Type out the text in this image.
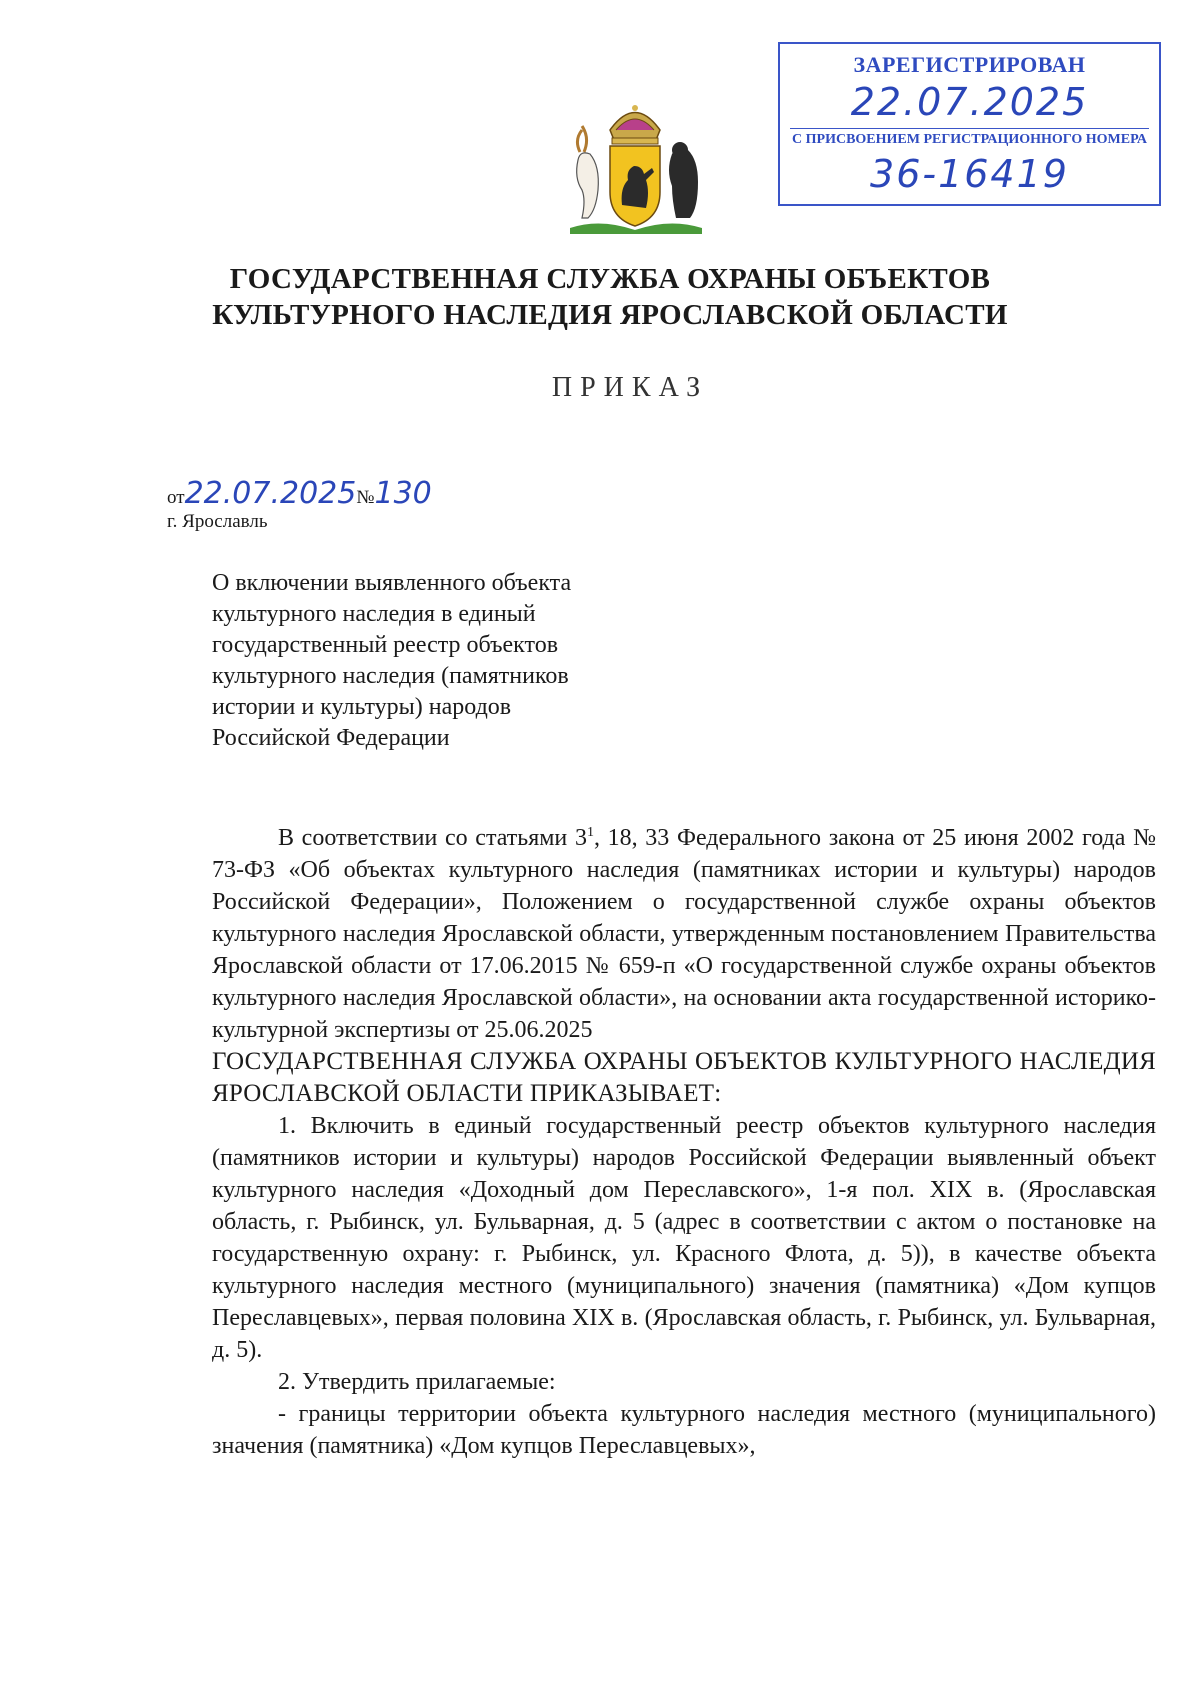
ЗАРЕГИСТРИРОВАН
22.07.2025
С ПРИСВОЕНИЕМ РЕГИСТРАЦИОННОГО НОМЕРА
36-16419
ГОСУДАРСТВЕННАЯ СЛУЖБА ОХРАНЫ ОБЪЕКТОВ
КУЛЬТУРНОГО НАСЛЕДИЯ ЯРОСЛАВСКОЙ ОБЛАСТИ
ПРИКАЗ
от22.07.2025№130
г. Ярославль
О включении выявленного объекта
культурного наследия в единый
государственный реестр объектов
культурного наследия (памятников
истории и культуры) народов
Российской Федерации

В соответствии со статьями $3^1$, 18, 33 Федерального закона от 25 июня 2002 года № 73-ФЗ «Об объектах культурного наследия (памятниках истории и культуры) народов Российской Федерации», Положением о государственной службе охраны объектов культурного наследия Ярославской области, утвержденным постановлением Правительства Ярославской области от 17.06.2015 № 659-п «О государственной службе охраны объектов культурного наследия Ярославской области», на основании акта государственной историко-культурной экспертизы от 25.06.2025

ГОСУДАРСТВЕННАЯ СЛУЖБА ОХРАНЫ ОБЪЕКТОВ КУЛЬТУРНОГО НАСЛЕДИЯ ЯРОСЛАВСКОЙ ОБЛАСТИ ПРИКАЗЫВАЕТ:

1. Включить в единый государственный реестр объектов культурного наследия (памятников истории и культуры) народов Российской Федерации выявленный объект культурного наследия «Доходный дом Переславского», 1-я пол. XIX в. (Ярославская область, г. Рыбинск, ул. Бульварная, д. 5 (адрес в соответствии с актом о постановке на государственную охрану: г. Рыбинск, ул. Красного Флота, д. 5)), в качестве объекта культурного наследия местного (муниципального) значения (памятника) «Дом купцов Переславцевых», первая половина XIX в. (Ярославская область, г. Рыбинск, ул. Бульварная, д. 5).

2. Утвердить прилагаемые:

- границы территории объекта культурного наследия местного (муниципального) значения (памятника) «Дом купцов Переславцевых»,
